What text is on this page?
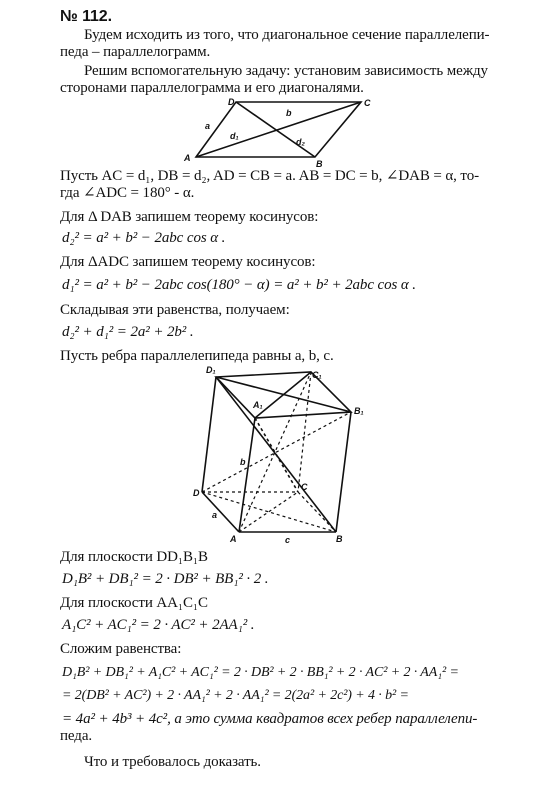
№ 112.
Будем исходить из того, что диагональное сечение параллелепи-
педа – параллелограмм.
Решим вспомогательную задачу: установим зависимость между
сторонами параллелограмма и его диагоналями.
A
B
C
D
a
b
d₁
d₂
Пусть AC = d₁, DB = d₂, AD = CB = a. AB = DC = b, ∠DAB = α, то-
гда ∠ADC = 180° - α.
Для Δ DAB запишем теорему косинусов:
d₂² = a² + b² − 2abc cos α .
Для ΔADC запишем теорему косинусов:
d₁² = a² + b² − 2abc cos(180° − α) = a² + b² + 2abc cos α .
Складывая эти равенства, получаем:
d₂² + d₁² = 2a² + 2b² .
Пусть ребра параллелепипеда равны a, b, c.
D₁	C₁
B₁
A₁
D
C
A	B
a
b
c
Для плоскости DD₁B₁B
D₁B² + DB₁² = 2 · DB² + BB₁² · 2 .
Для плоскости AA₁C₁C
A₁C² + AC₁² = 2 · AC² + 2AA₁² .
Сложим равенства:
D₁B² + DB₁² + A₁C² + AC₁² = 2 · DB² + 2 · BB₁² + 2 · AC² + 2 · AA₁² =
= 2(DB² + AC²) + 2 · AA₁² + 2 · AA₁² = 2(2a² + 2c²) + 4 · b² =
= 4a² + 4b³ + 4c², а это сумма квадратов всех ребер параллелепи-
педа.
Что и требовалось доказать.
